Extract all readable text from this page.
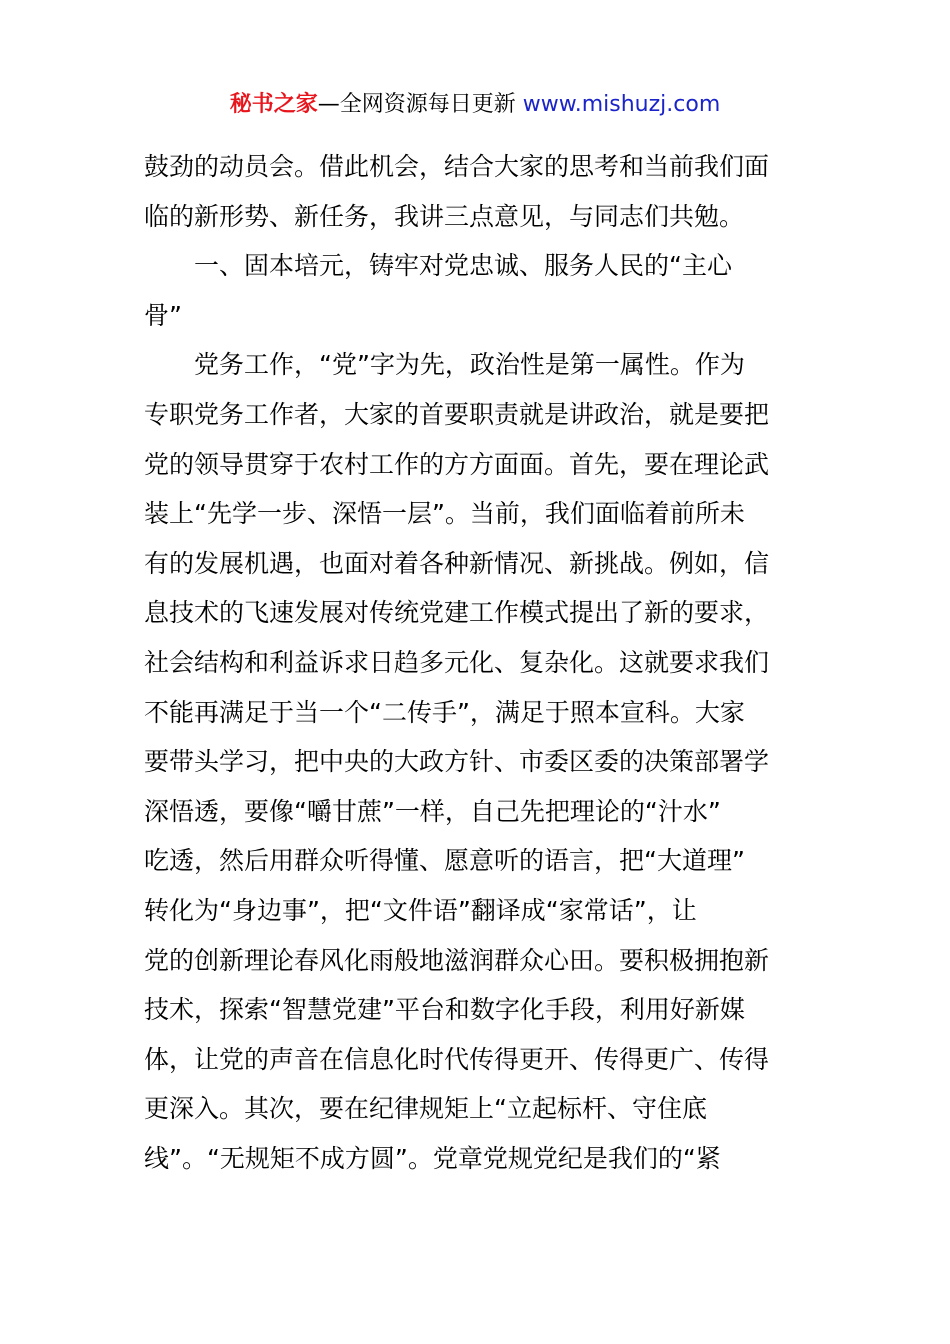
秘书之家—全网资源每日更新 www.mishuzj.com
鼓劲的动员会。借此机会，结合大家的思考和当前我们面
临的新形势、新任务，我讲三点意见，与同志们共勉。
一、固本培元，铸牢对党忠诚、服务人民的“主心
骨”
党务工作，“党”字为先，政治性是第一属性。作为
专职党务工作者，大家的首要职责就是讲政治，就是要把
党的领导贯穿于农村工作的方方面面。首先，要在理论武
装上“先学一步、深悟一层”。当前，我们面临着前所未
有的发展机遇，也面对着各种新情况、新挑战。例如，信
息技术的飞速发展对传统党建工作模式提出了新的要求，
社会结构和利益诉求日趋多元化、复杂化。这就要求我们
不能再满足于当一个“二传手”，满足于照本宣科。大家
要带头学习，把中央的大政方针、市委区委的决策部署学
深悟透，要像“嚼甘蔗”一样，自己先把理论的“汁水”
吃透，然后用群众听得懂、愿意听的语言，把“大道理”
转化为“身边事”，把“文件语”翻译成“家常话”，让
党的创新理论春风化雨般地滋润群众心田。要积极拥抱新
技术，探索“智慧党建”平台和数字化手段，利用好新媒
体，让党的声音在信息化时代传得更开、传得更广、传得
更深入。其次，要在纪律规矩上“立起标杆、守住底
线”。“无规矩不成方圆”。党章党规党纪是我们的“紧
